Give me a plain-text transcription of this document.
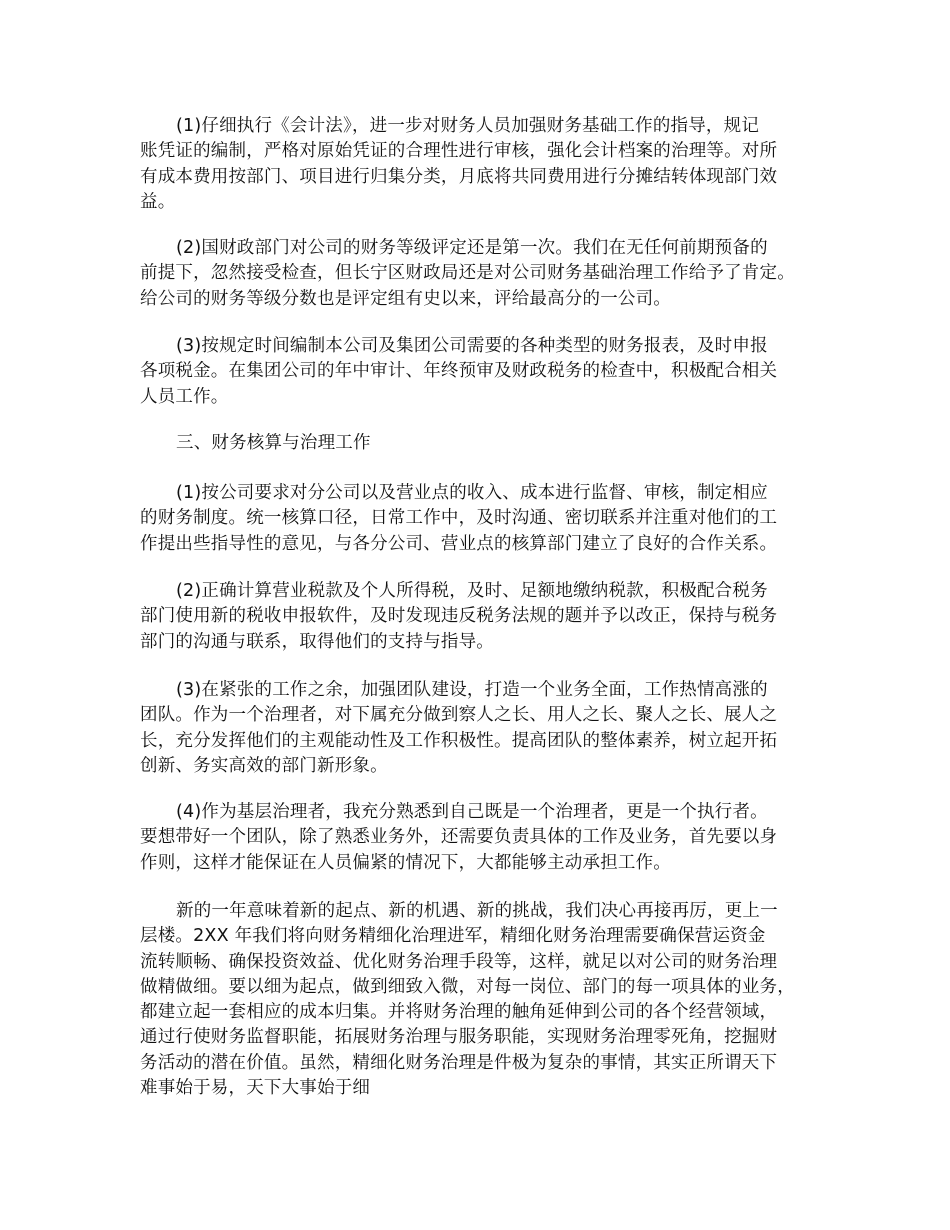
(1)仔细执行《会计法》，进一步对财务人员加强财务基础工作的指导，规记
账凭证的编制，严格对原始凭证的合理性进行审核，强化会计档案的治理等。对所
有成本费用按部门、项目进行归集分类，月底将共同费用进行分摊结转体现部门效
益。
(2)国财政部门对公司的财务等级评定还是第一次。我们在无任何前期预备的
前提下，忽然接受检查，但长宁区财政局还是对公司财务基础治理工作给予了肯定。
给公司的财务等级分数也是评定组有史以来，评给最高分的一公司。
(3)按规定时间编制本公司及集团公司需要的各种类型的财务报表，及时申报
各项税金。在集团公司的年中审计、年终预审及财政税务的检查中，积极配合相关
人员工作。
三、财务核算与治理工作
(1)按公司要求对分公司以及营业点的收入、成本进行监督、审核，制定相应
的财务制度。统一核算口径，日常工作中，及时沟通、密切联系并注重对他们的工
作提出些指导性的意见，与各分公司、营业点的核算部门建立了良好的合作关系。
(2)正确计算营业税款及个人所得税，及时、足额地缴纳税款，积极配合税务
部门使用新的税收申报软件，及时发现违反税务法规的题并予以改正，保持与税务
部门的沟通与联系，取得他们的支持与指导。
(3)在紧张的工作之余，加强团队建设，打造一个业务全面，工作热情高涨的
团队。作为一个治理者，对下属充分做到察人之长、用人之长、聚人之长、展人之
长，充分发挥他们的主观能动性及工作积极性。提高团队的整体素养，树立起开拓
创新、务实高效的部门新形象。
(4)作为基层治理者，我充分熟悉到自己既是一个治理者，更是一个执行者。
要想带好一个团队，除了熟悉业务外，还需要负责具体的工作及业务，首先要以身
作则，这样才能保证在人员偏紧的情况下，大都能够主动承担工作。
新的一年意味着新的起点、新的机遇、新的挑战，我们决心再接再厉，更上一
层楼。2XX 年我们将向财务精细化治理进军，精细化财务治理需要确保营运资金
流转顺畅、确保投资效益、优化财务治理手段等，这样，就足以对公司的财务治理
做精做细。要以细为起点，做到细致入微，对每一岗位、部门的每一项具体的业务，
都建立起一套相应的成本归集。并将财务治理的触角延伸到公司的各个经营领域，
通过行使财务监督职能，拓展财务治理与服务职能，实现财务治理零死角，挖掘财
务活动的潜在价值。虽然，精细化财务治理是件极为复杂的事情，其实正所谓天下
难事始于易，天下大事始于细
